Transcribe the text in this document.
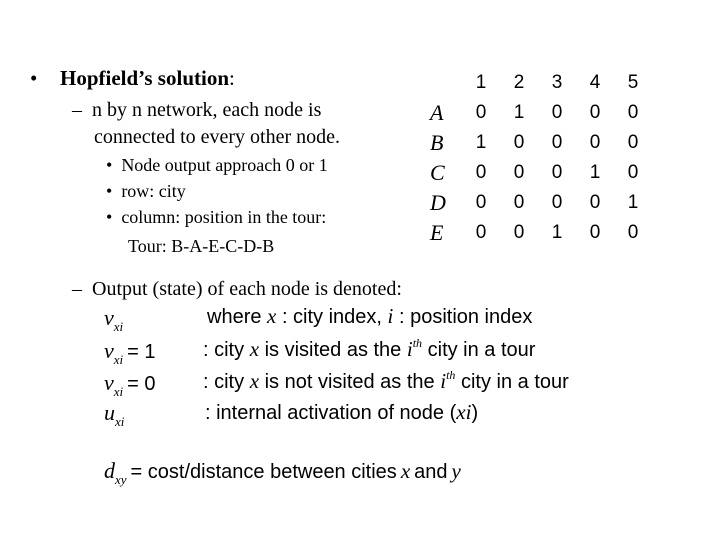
• Hopfield’s solution:
– n by n network, each node is
connected to every other node.
• Node output approach 0 or 1
• row: city
• column: position in the tour:
Tour: B-A-E-C-D-B
– Output (state) of each node is denoted:
	1	2	3	4	5
A	0	1	0	0	0
B	1	0	0	0	0
C	0	0	0	1	0
D	0	0	0	0	1
E	0	0	1	0	0
$v_{xi}$	where x : city index, i : position index
$v_{xi} = 1$ : city x is visited as the $i^{th}$ city in a tour
$v_{xi} = 0$ : city x is not visited as the $i^{th}$ city in a tour
$u_{xi}$	: internal activation of node (xi)
$d_{xy}$ = cost/distance between cities x and y
